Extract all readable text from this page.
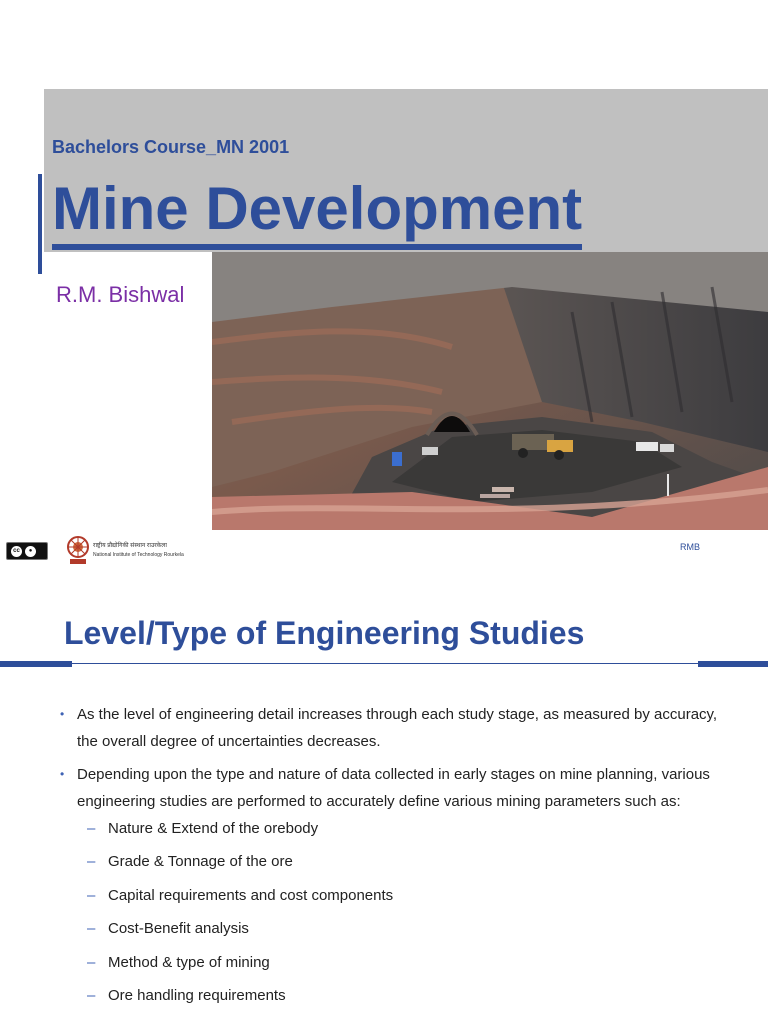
Bachelors Course_MN 2001
Mine Development
R.M. Bishwal
cc	●
राष्ट्रीय प्रौद्योगिकी संस्थान राउरकेला
National Institute of Technology Rourkela
RMB
Level/Type of Engineering Studies
• As the level of engineering detail increases through each study stage, as measured by accuracy, the overall degree of uncertainties decreases.
• Depending upon the type and nature of data collected in early stages on mine planning, various engineering studies are performed to accurately define various mining parameters such as:
– Nature & Extend of the orebody
– Grade & Tonnage of the ore
– Capital requirements and cost components
– Cost-Benefit analysis
– Method & type of mining
– Ore handling requirements
